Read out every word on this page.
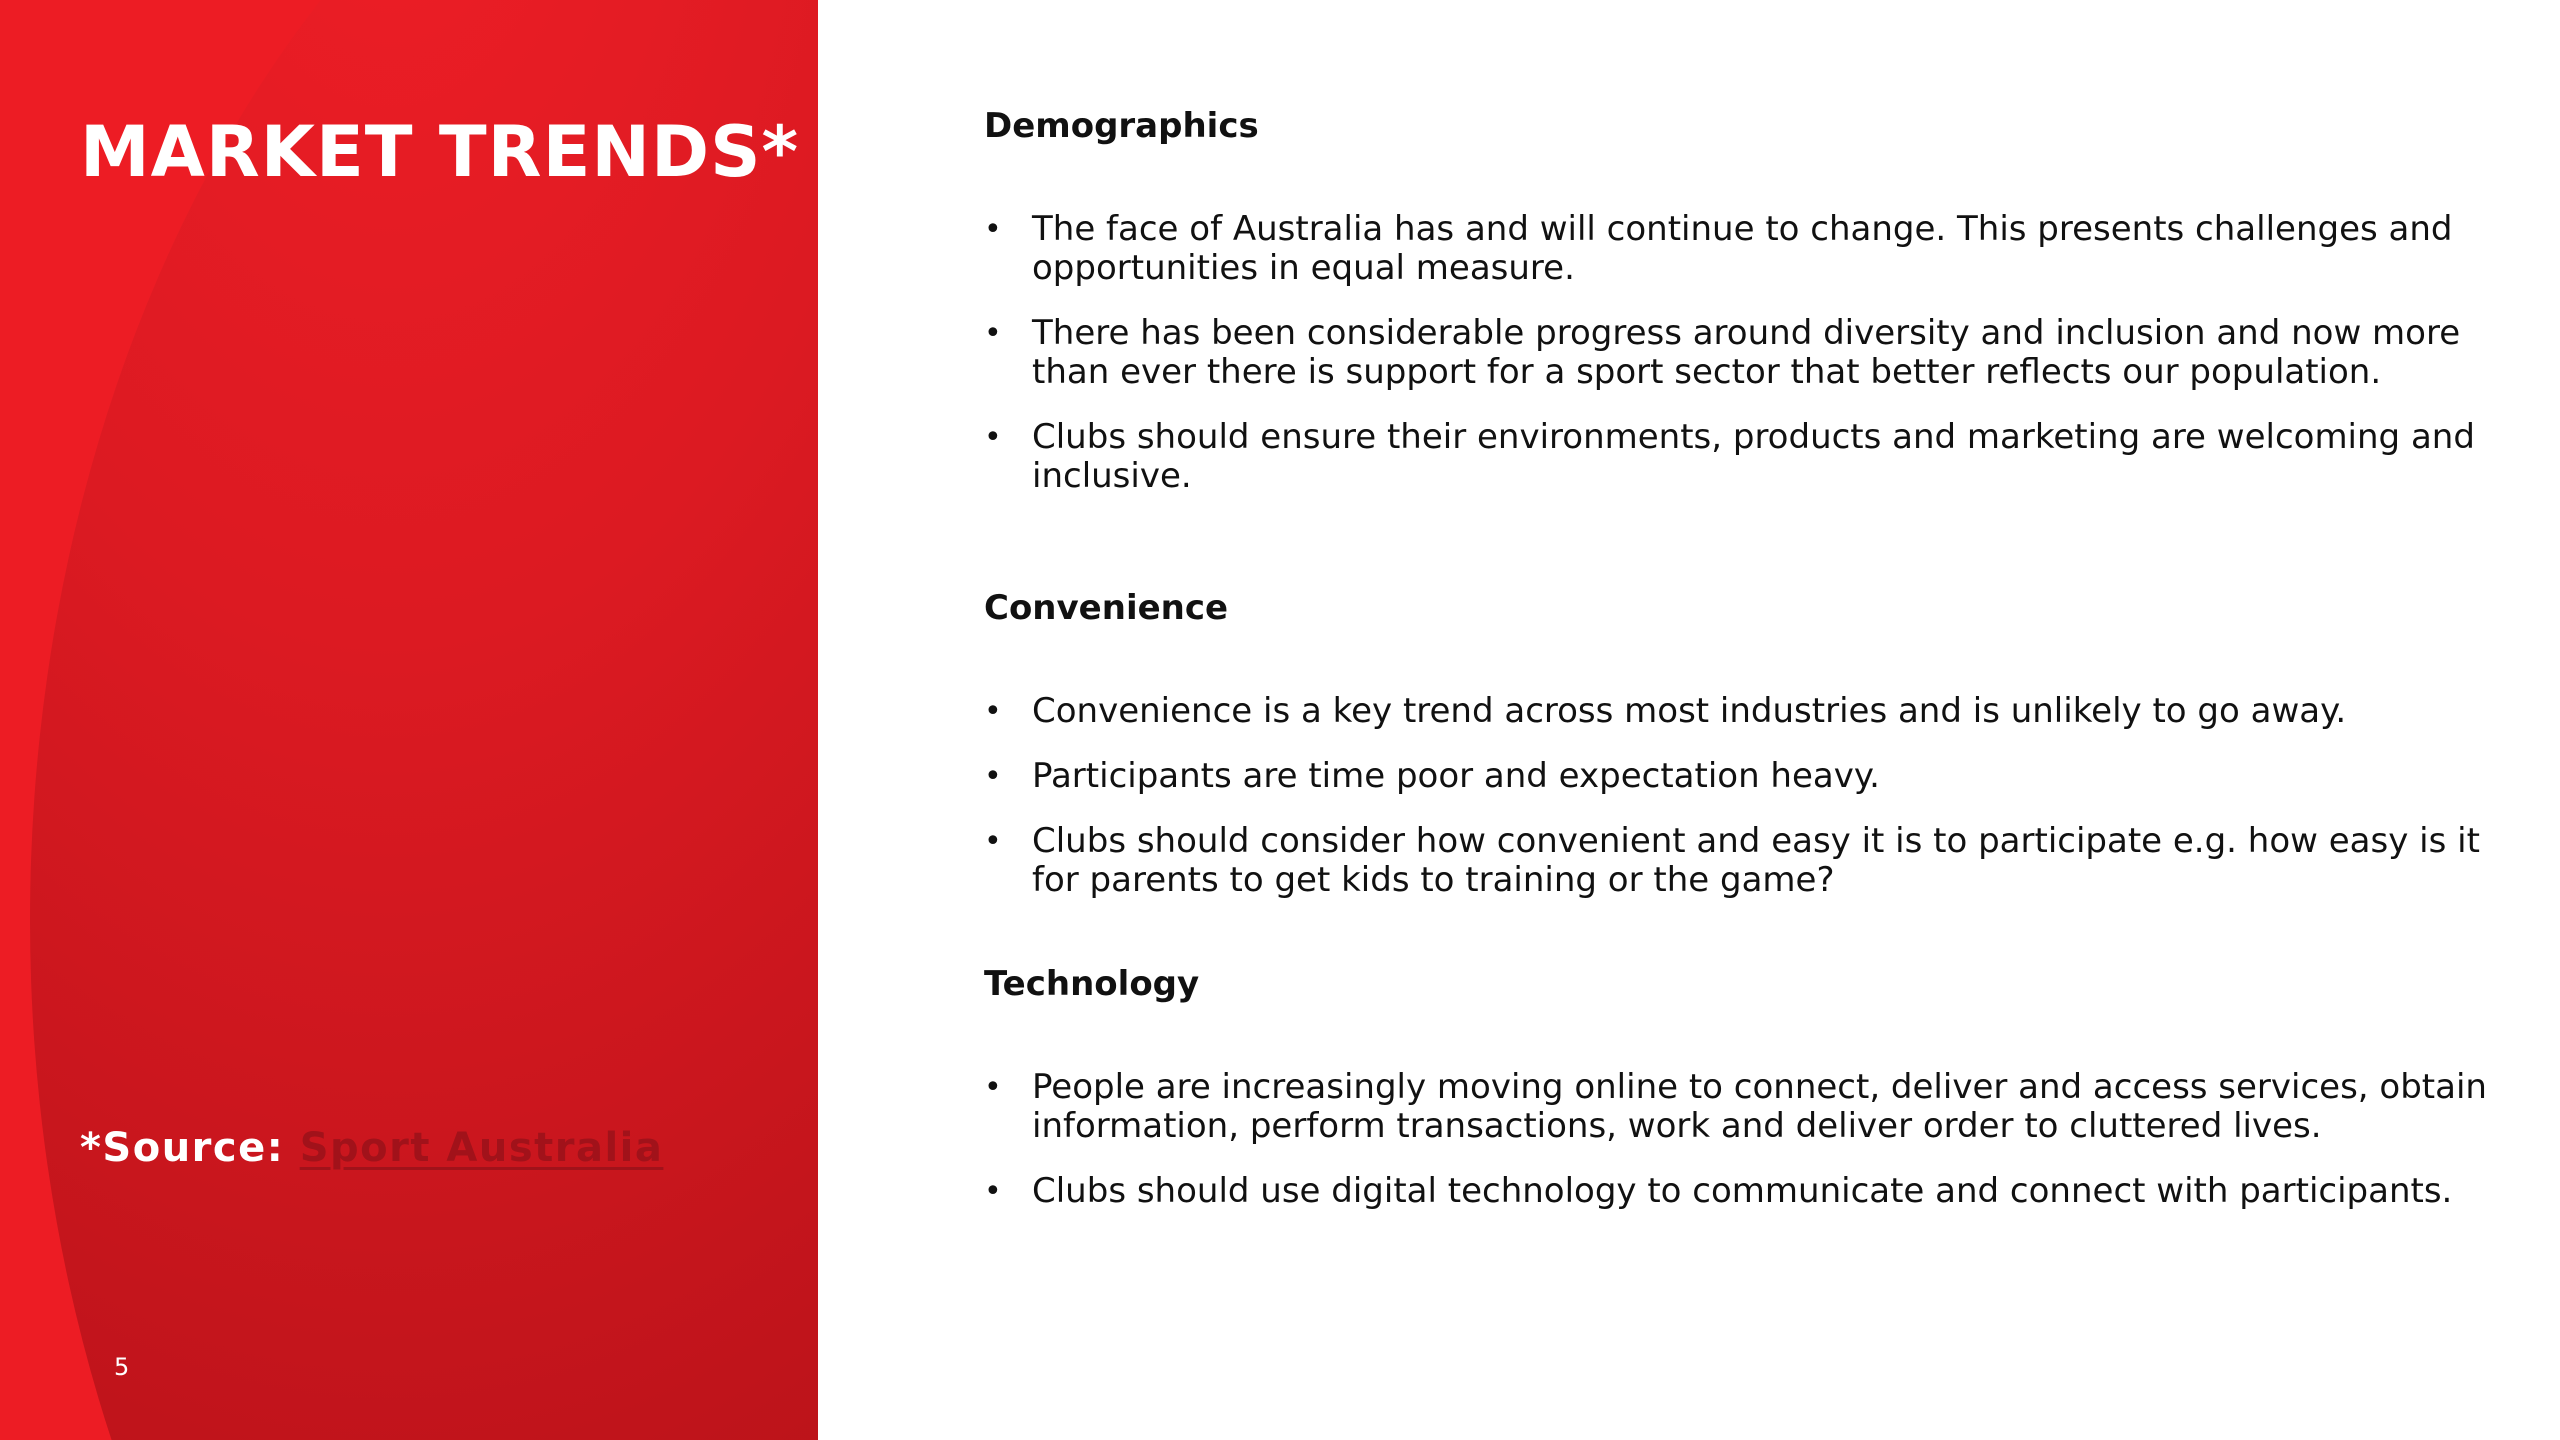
MARKET TRENDS*
*Source: Sport Australia
5
Demographics
• The face of Australia has and will continue to change. This presents challenges and opportunities in equal measure.
• There has been considerable progress around diversity and inclusion and now more than ever there is support for a sport sector that better reflects our population.
• Clubs should ensure their environments, products and marketing are welcoming and inclusive.
Convenience
• Convenience is a key trend across most industries and is unlikely to go away.
• Participants are time poor and expectation heavy.
• Clubs should consider how convenient and easy it is to participate e.g. how easy is it for parents to get kids to training or the game?
Technology
• People are increasingly moving online to connect, deliver and access services, obtain information, perform transactions, work and deliver order to cluttered lives.
• Clubs should use digital technology to communicate and connect with participants.
